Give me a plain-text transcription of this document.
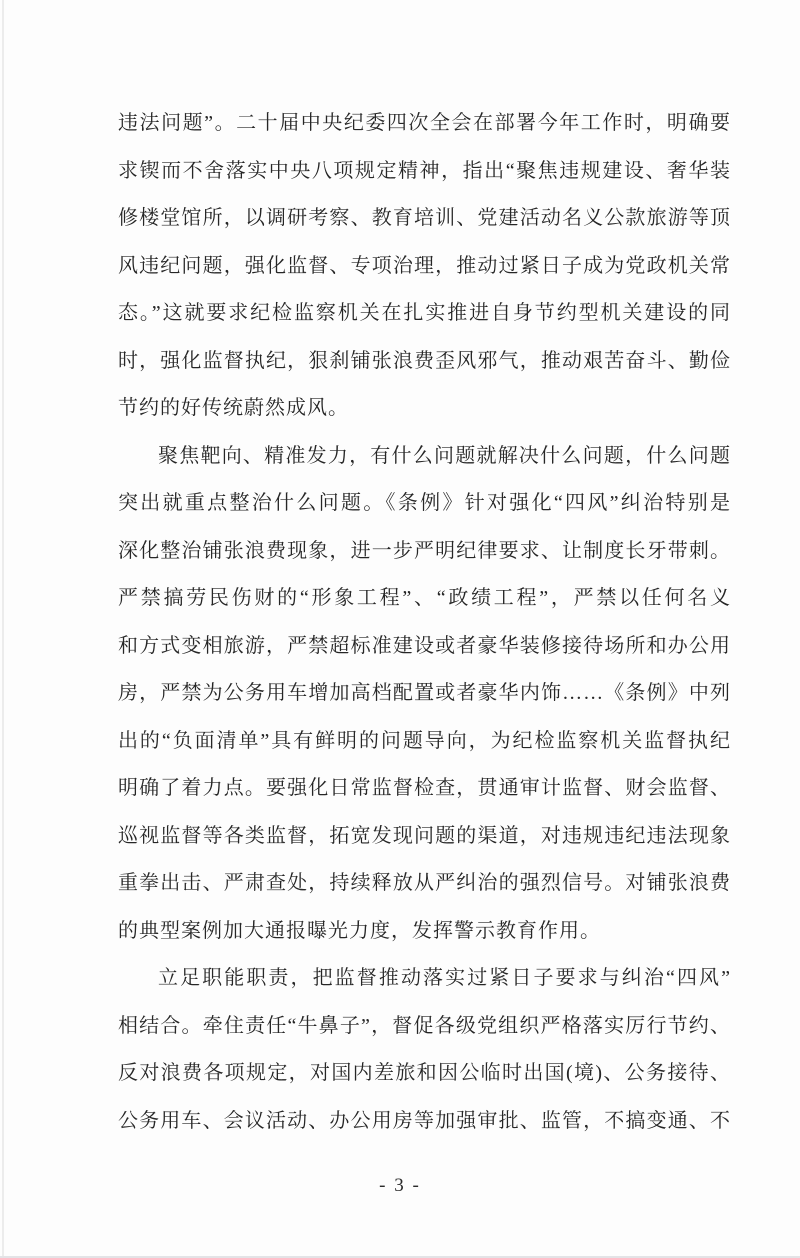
违法问题”。二十届中央纪委四次全会在部署今年工作时，明确要
求锲而不舍落实中央八项规定精神，指出“聚焦违规建设、奢华装
修楼堂馆所，以调研考察、教育培训、党建活动名义公款旅游等顶
风违纪问题，强化监督、专项治理，推动过紧日子成为党政机关常
态。”这就要求纪检监察机关在扎实推进自身节约型机关建设的同
时，强化监督执纪，狠刹铺张浪费歪风邪气，推动艰苦奋斗、勤俭
节约的好传统蔚然成风。
聚焦靶向、精准发力，有什么问题就解决什么问题，什么问题
突出就重点整治什么问题。《条例》针对强化“四风”纠治特别是
深化整治铺张浪费现象，进一步严明纪律要求、让制度长牙带刺。
严禁搞劳民伤财的“形象工程”、“政绩工程”，严禁以任何名义
和方式变相旅游，严禁超标准建设或者豪华装修接待场所和办公用
房，严禁为公务用车增加高档配置或者豪华内饰……《条例》中列
出的“负面清单”具有鲜明的问题导向，为纪检监察机关监督执纪
明确了着力点。要强化日常监督检查，贯通审计监督、财会监督、
巡视监督等各类监督，拓宽发现问题的渠道，对违规违纪违法现象
重拳出击、严肃查处，持续释放从严纠治的强烈信号。对铺张浪费
的典型案例加大通报曝光力度，发挥警示教育作用。
立足职能职责，把监督推动落实过紧日子要求与纠治“四风”
相结合。牵住责任“牛鼻子”，督促各级党组织严格落实厉行节约、
反对浪费各项规定，对国内差旅和因公临时出国(境)、公务接待、
公务用车、会议活动、办公用房等加强审批、监管，不搞变通、不
- 3 -
